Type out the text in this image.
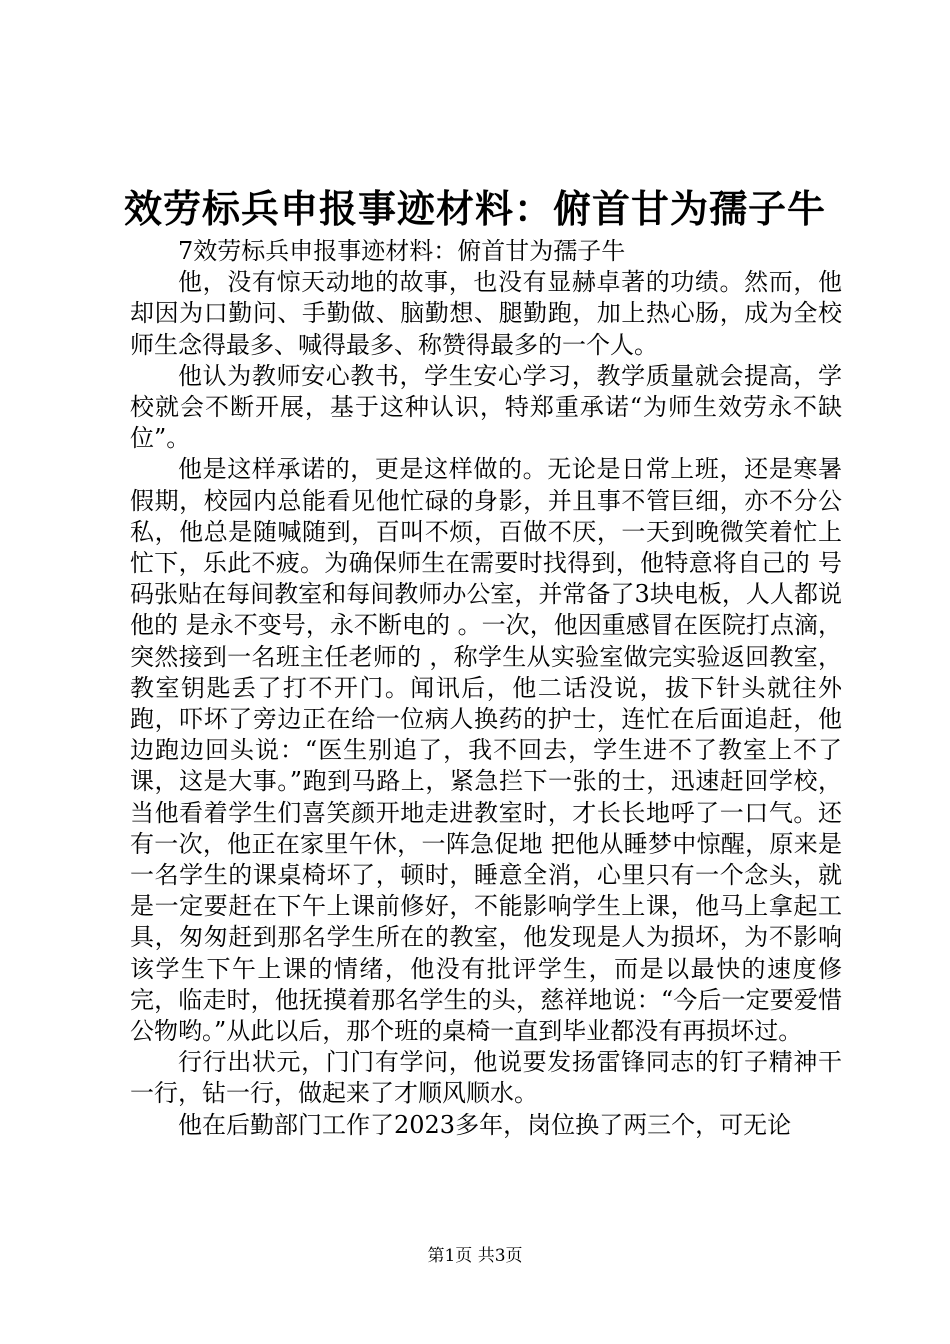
效劳标兵申报事迹材料：俯首甘为孺子牛

7效劳标兵申报事迹材料：俯首甘为孺子牛

他，没有惊天动地的故事，也没有显赫卓著的功绩。然而，他却因为口勤问、手勤做、脑勤想、腿勤跑，加上热心肠，成为全校师生念得最多、喊得最多、称赞得最多的一个人。

他认为教师安心教书，学生安心学习，教学质量就会提高，学校就会不断开展，基于这种认识，特郑重承诺“为师生效劳永不缺位”。

他是这样承诺的，更是这样做的。无论是日常上班，还是寒暑假期，校园内总能看见他忙碌的身影，并且事不管巨细，亦不分公私，他总是随喊随到，百叫不烦，百做不厌，一天到晚微笑着忙上忙下，乐此不疲。为确保师生在需要时找得到，他特意将自己的 号码张贴在每间教室和每间教师办公室，并常备了3块电板，人人都说他的 是永不变号，永不断电的 。一次，他因重感冒在医院打点滴，突然接到一名班主任老师的 ，称学生从实验室做完实验返回教室，教室钥匙丢了打不开门。闻讯后，他二话没说，拔下针头就往外跑，吓坏了旁边正在给一位病人换药的护士，连忙在后面追赶，他边跑边回头说：“医生别追了，我不回去，学生进不了教室上不了课，这是大事。”跑到马路上，紧急拦下一张的士，迅速赶回学校，当他看着学生们喜笑颜开地走进教室时，才长长地呼了一口气。还有一次，他正在家里午休，一阵急促地 把他从睡梦中惊醒，原来是一名学生的课桌椅坏了，顿时，睡意全消，心里只有一个念头，就是一定要赶在下午上课前修好，不能影响学生上课，他马上拿起工具，匆匆赶到那名学生所在的教室，他发现是人为损坏，为不影响该学生下午上课的情绪，他没有批评学生，而是以最快的速度修完，临走时，他抚摸着那名学生的头，慈祥地说：“今后一定要爱惜公物哟。”从此以后，那个班的桌椅一直到毕业都没有再损坏过。

行行出状元，门门有学问，他说要发扬雷锋同志的钉子精神干一行，钻一行，做起来了才顺风顺水。

他在后勤部门工作了2023多年，岗位换了两三个，可无论

第1页 共3页
